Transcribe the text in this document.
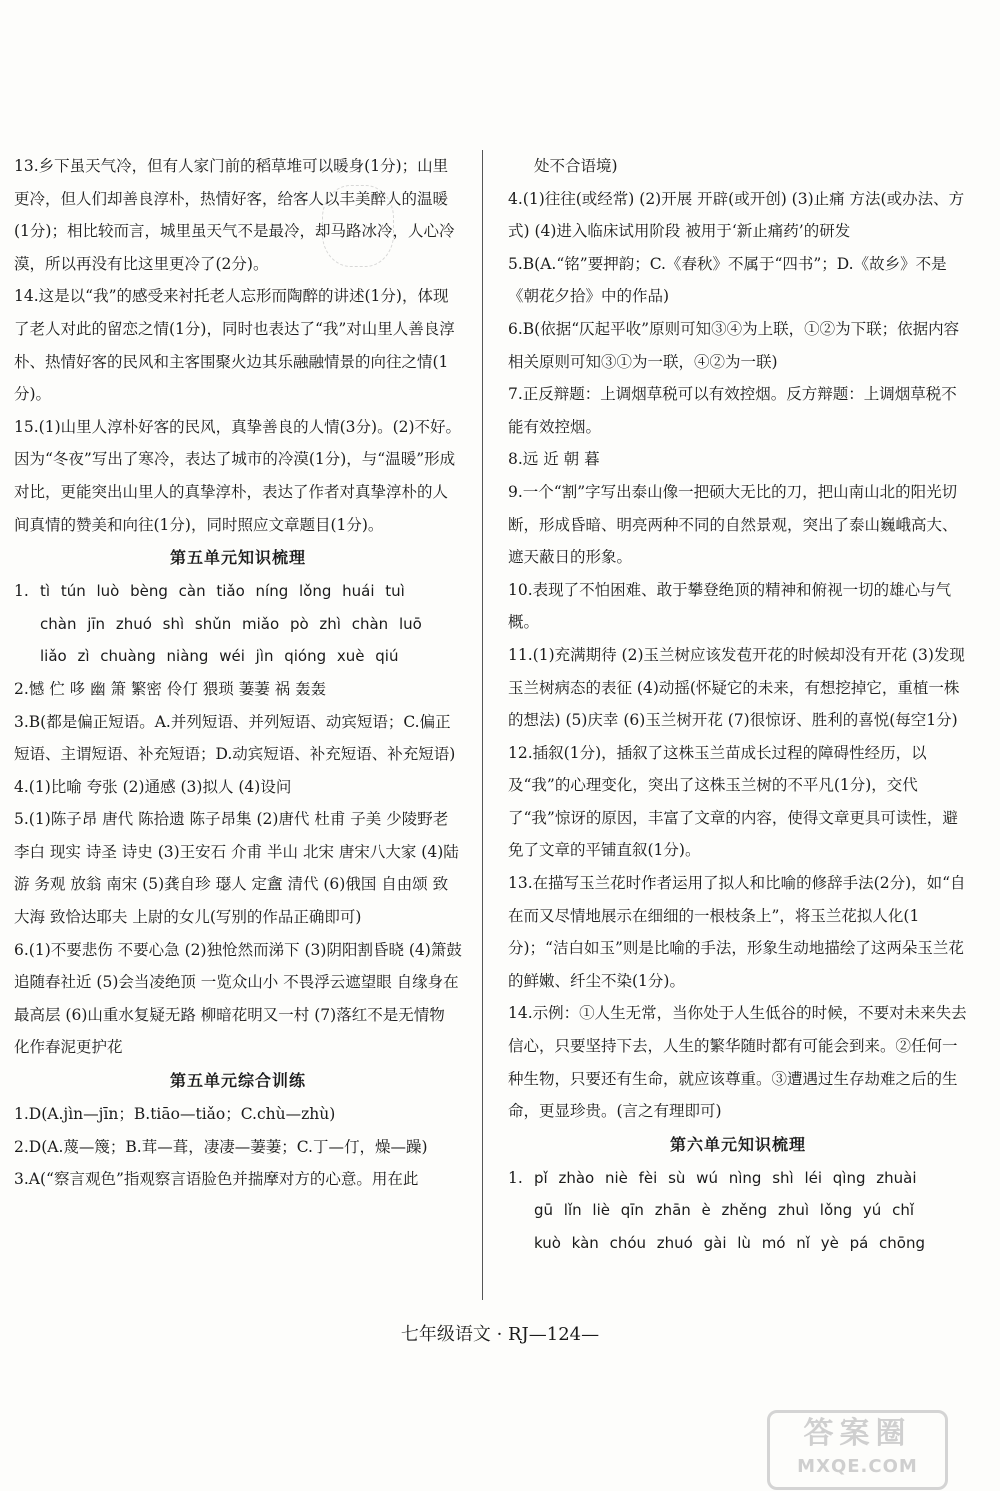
13.乡下虽天气冷，但有人家门前的稻草堆可以暖身(1分)；山里更冷，但人们却善良淳朴，热情好客，给客人以丰美醉人的温暖(1分)；相比较而言，城里虽天气不是最冷，却马路冰冷，人心冷漠，所以再没有比这里更冷了(2分)。
14.这是以“我”的感受来衬托老人忘形而陶醉的讲述(1分)，体现了老人对此的留恋之情(1分)，同时也表达了“我”对山里人善良淳朴、热情好客的民风和主客围聚火边其乐融融情景的向往之情(1分)。
15.(1)山里人淳朴好客的民风，真挚善良的人情(3分)。(2)不好。因为“冬夜”写出了寒冷，表达了城市的冷漠(1分)，与“温暖”形成对比，更能突出山里人的真挚淳朴，表达了作者对真挚淳朴的人间真情的赞美和向往(1分)，同时照应文章题目(1分)。
第五单元知识梳理
1. tì tún luò bèng càn tiǎo níng lǒng huái tuì
chàn jīn zhuó shì shǔn miǎo pò zhì chàn luō
liǎo zì chuàng niàng wéi jìn qióng xuè qiú
2.憾 伫 哆 幽 箫 繁密 伶仃 猥琐 萋萋 祸 轰轰
3.B(都是偏正短语。A.并列短语、并列短语、动宾短语；C.偏正短语、主谓短语、补充短语；D.动宾短语、补充短语、补充短语)
4.(1)比喻 夸张 (2)通感 (3)拟人 (4)设问
5.(1)陈子昂 唐代 陈拾遗 陈子昂集 (2)唐代 杜甫 子美 少陵野老 李白 现实 诗圣 诗史 (3)王安石 介甫 半山 北宋 唐宋八大家 (4)陆游 务观 放翁 南宋 (5)龚自珍 璱人 定盦 清代 (6)俄国 自由颂 致大海 致恰达耶夫 上尉的女儿(写别的作品正确即可)
6.(1)不要悲伤 不要心急 (2)独怆然而涕下 (3)阴阳割昏晓 (4)箫鼓追随春社近 (5)会当凌绝顶 一览众山小 不畏浮云遮望眼 自缘身在最高层 (6)山重水复疑无路 柳暗花明又一村 (7)落红不是无情物 化作春泥更护花
第五单元综合训练
1.D(A.jìn—jīn；B.tiāo—tiǎo；C.chù—zhù)
2.D(A.蔑—篾；B.茸—葺，凄凄—萋萋；C.丁—仃，燥—躁)
3.A(“察言观色”指观察言语脸色并揣摩对方的心意。用在此
处不合语境)
4.(1)往往(或经常) (2)开展 开辟(或开创) (3)止痛 方法(或办法、方式) (4)进入临床试用阶段 被用于‘新止痛药’的研发
5.B(A.“铭”要押韵；C.《春秋》不属于“四书”；D.《故乡》不是《朝花夕拾》中的作品)
6.B(依据“仄起平收”原则可知③④为上联，①②为下联；依据内容相关原则可知③①为一联，④②为一联)
7.正反辩题：上调烟草税可以有效控烟。反方辩题：上调烟草税不能有效控烟。
8.远 近 朝 暮
9.一个“割”字写出泰山像一把硕大无比的刀，把山南山北的阳光切断，形成昏暗、明亮两种不同的自然景观，突出了泰山巍峨高大、遮天蔽日的形象。
10.表现了不怕困难、敢于攀登绝顶的精神和俯视一切的雄心与气概。
11.(1)充满期待 (2)玉兰树应该发苞开花的时候却没有开花 (3)发现玉兰树病态的表征 (4)动摇(怀疑它的未来，有想挖掉它，重植一株的想法) (5)庆幸 (6)玉兰树开花 (7)很惊讶、胜利的喜悦(每空1分)
12.插叙(1分)，插叙了这株玉兰苗成长过程的障碍性经历，以及“我”的心理变化，突出了这株玉兰树的不平凡(1分)，交代了“我”惊讶的原因，丰富了文章的内容，使得文章更具可读性，避免了文章的平铺直叙(1分)。
13.在描写玉兰花时作者运用了拟人和比喻的修辞手法(2分)，如“自在而又尽情地展示在细细的一根枝条上”，将玉兰花拟人化(1分)；“洁白如玉”则是比喻的手法，形象生动地描绘了这两朵玉兰花的鲜嫩、纤尘不染(1分)。
14.示例：①人生无常，当你处于人生低谷的时候，不要对未来失去信心，只要坚持下去，人生的繁华随时都有可能会到来。②任何一种生物，只要还有生命，就应该尊重。③遭遇过生存劫难之后的生命，更显珍贵。(言之有理即可)
第六单元知识梳理
1. pǐ zhào niè fèi sù wú nìng shì léi qìng zhuài
gū lǐn liè qīn zhān è zhěng zhuì lǒng yú chǐ
kuò kàn chóu zhuó gài lù mó nǐ yè pá chōng
七年级语文 · RJ—124—
答案圈
MXQE.COM
